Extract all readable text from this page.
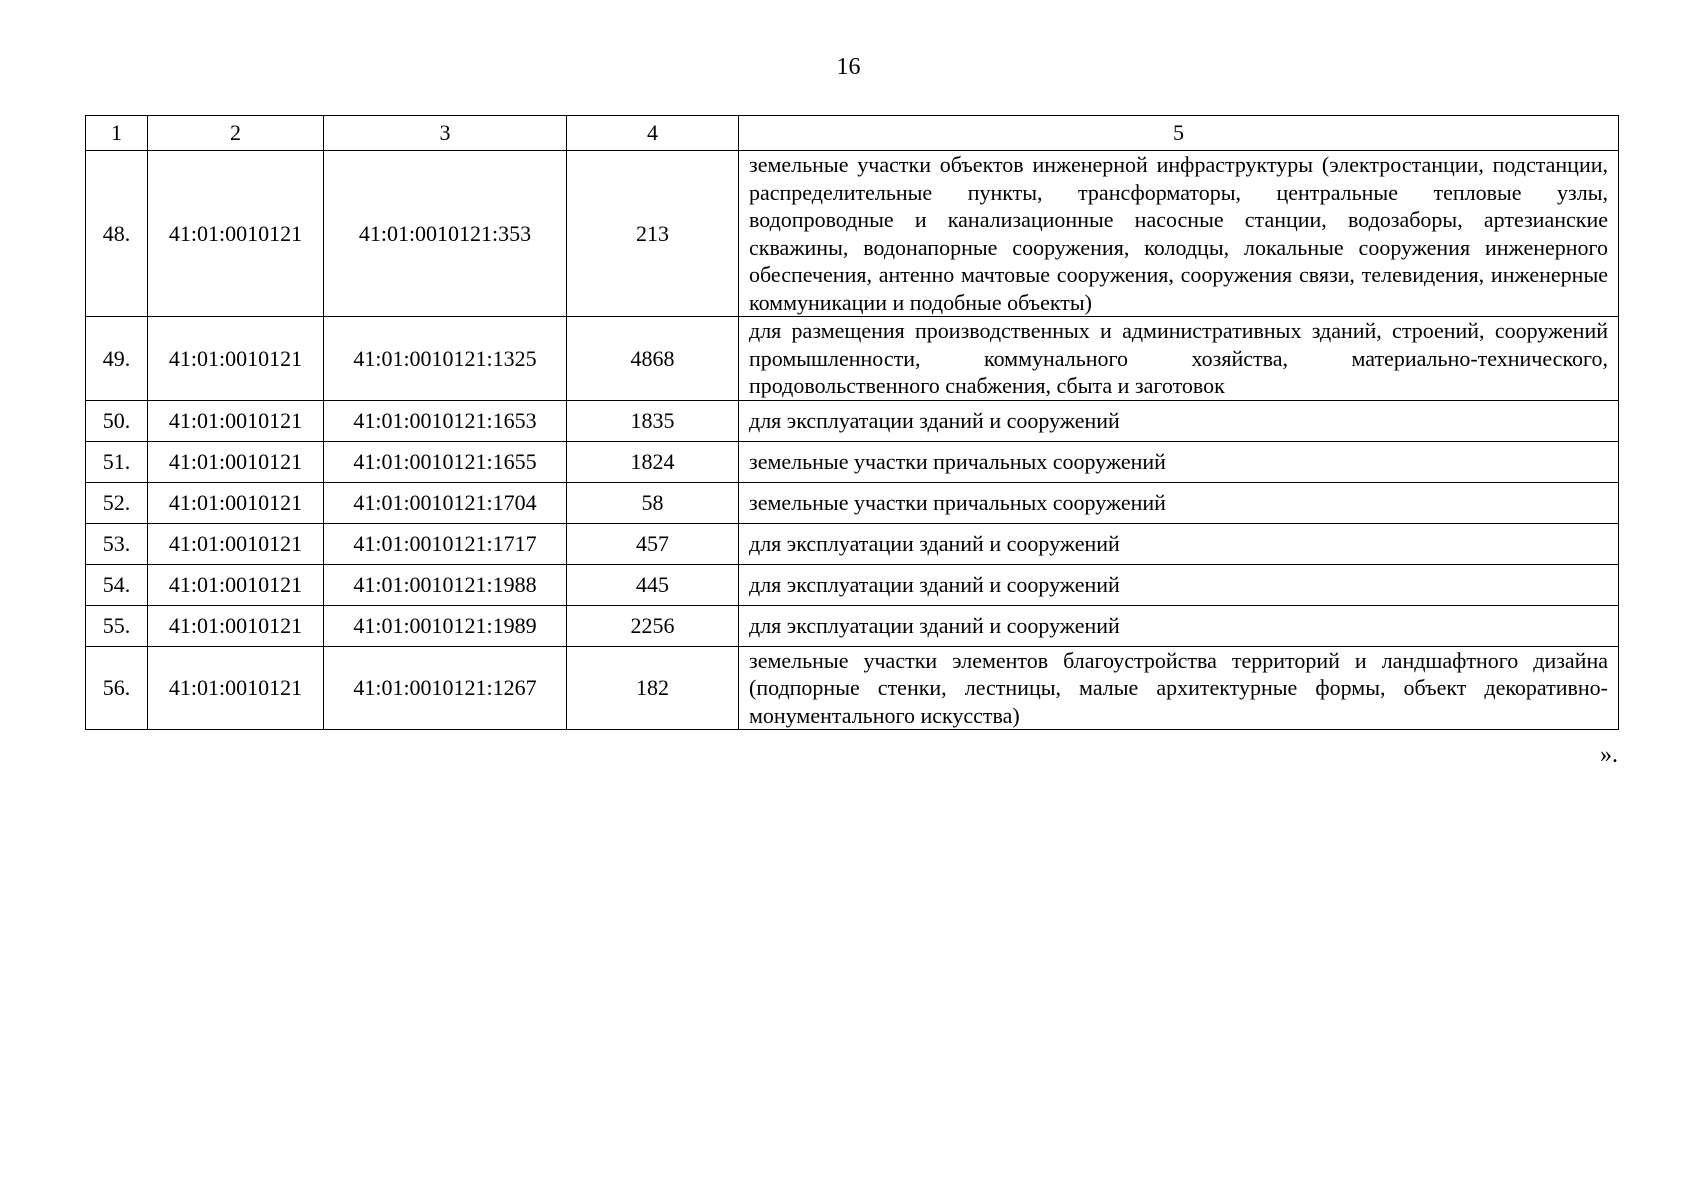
16
1	2	3	4	5
48.	41:01:0010121	41:01:0010121:353	213	земельные участки объектов инженерной инфраструктуры (электростанции, подстанции, распределительные пункты, трансформаторы, центральные тепловые узлы, водопроводные и канализационные насосные станции, водозаборы, артезианские скважины, водонапорные сооружения, колодцы, локальные сооружения инженерного обеспечения, антенно мачтовые сооружения, сооружения связи, телевидения, инженерные коммуникации и подобные объекты)
49.	41:01:0010121	41:01:0010121:1325	4868	для размещения производственных и административных зданий, строений, сооружений промышленности, коммунального хозяйства, материально-технического, продовольственного снабжения, сбыта и заготовок
50.	41:01:0010121	41:01:0010121:1653	1835	для эксплуатации зданий и сооружений
51.	41:01:0010121	41:01:0010121:1655	1824	земельные участки причальных сооружений
52.	41:01:0010121	41:01:0010121:1704	58	земельные участки причальных сооружений
53.	41:01:0010121	41:01:0010121:1717	457	для эксплуатации зданий и сооружений
54.	41:01:0010121	41:01:0010121:1988	445	для эксплуатации зданий и сооружений
55.	41:01:0010121	41:01:0010121:1989	2256	для эксплуатации зданий и сооружений
56.	41:01:0010121	41:01:0010121:1267	182	земельные участки элементов благоустройства территорий и ландшафтного дизайна (подпорные стенки, лестницы, малые архитектурные формы, объект декоративно-монументального искусства)
».
